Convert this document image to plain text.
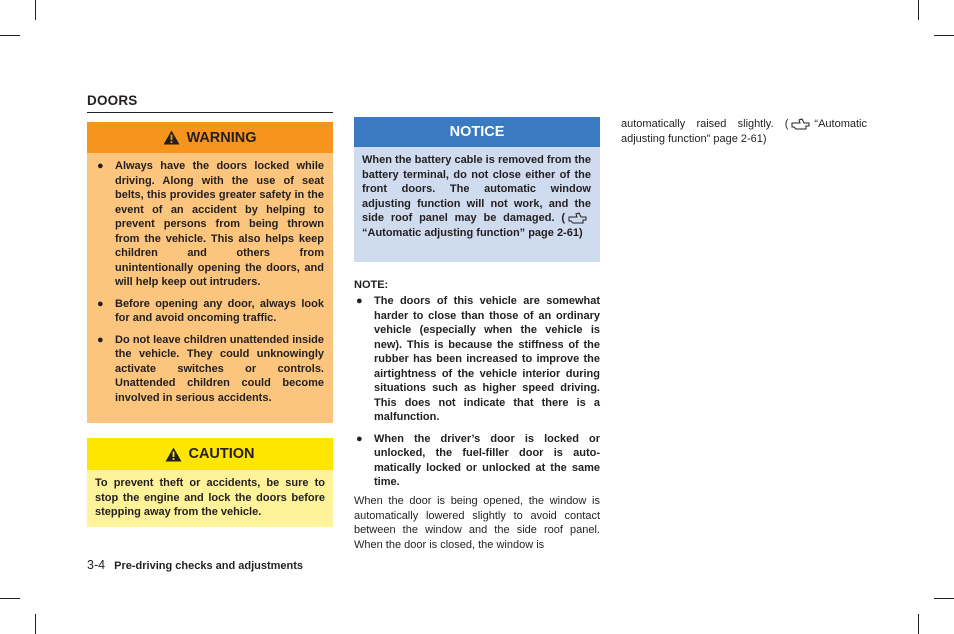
DOORS
WARNING
● Always have the doors locked while driving. Along with the use of seat belts, this provides greater safety in the event of an accident by helping to prevent persons from being thrown from the vehicle. This also helps keep children and others from unintentionally opening the doors, and will help keep out intruders.
● Before opening any door, always look for and avoid oncoming traffic.
● Do not leave children unattended inside the vehicle. They could unknowingly activate switches or controls. Unattended children could become involved in serious accidents.
CAUTION
To prevent theft or accidents, be sure to stop the engine and lock the doors before stepping away from the vehicle.
NOTICE
When the battery cable is removed from the battery terminal, do not close either of the front doors. The automatic window adjusting function will not work, and the side roof panel may be damaged. (“Automatic adjusting function” page 2-61)
NOTE:
● The doors of this vehicle are somewhat harder to close than those of an ordinary vehicle (especially when the vehicle is new). This is because the stiffness of the rubber has been increased to improve the airtightness of the vehicle interior during situations such as higher speed driving. This does not indicate that there is a malfunction.
● When the driver’s door is locked or unlocked, the fuel-filler door is automatically locked or unlocked at the same time.
When the door is being opened, the window is automatically lowered slightly to avoid contact between the window and the side roof panel. When the door is closed, the window is
automatically raised slightly. ( “Automatic adjusting function” page 2-61)
3-4 Pre-driving checks and adjustments
